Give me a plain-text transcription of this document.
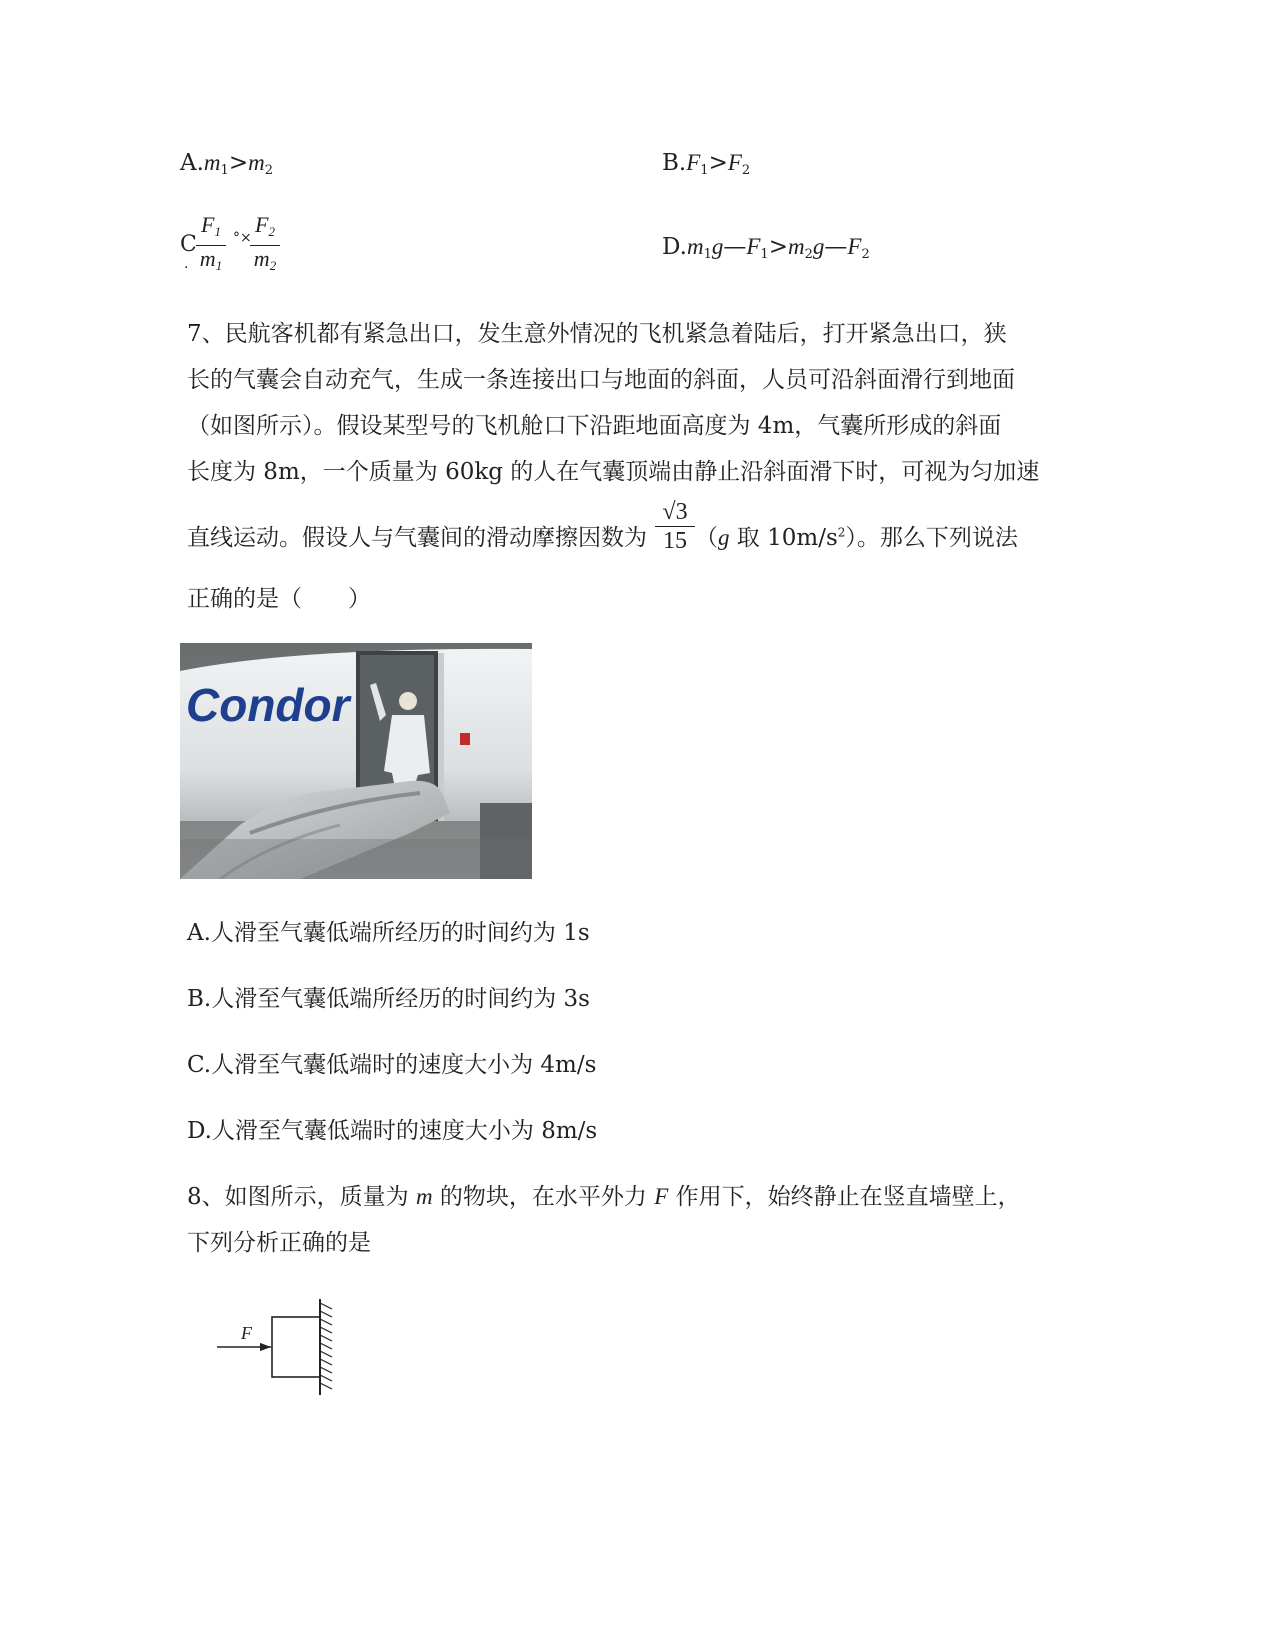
$A.m_1>m_2$	$B.F_1>F_2$
C
.
$F_1$
$m_1$
°×
$F_2$
$m_2$
$D.m_1g—F_1>m_2g—F_2$
7、民航客机都有紧急出口，发生意外情况的飞机紧急着陆后，打开紧急出口，狭
长的气囊会自动充气，生成一条连接出口与地面的斜面，人员可沿斜面滑行到地面
（如图所示）。假设某型号的飞机舱口下沿距地面高度为 4m，气囊所形成的斜面
长度为 8m，一个质量为 60kg 的人在气囊顶端由静止沿斜面滑下时，可视为匀加速
直线运动。假设人与气囊间的滑动摩擦因数为 （g 取 $10m/s^2$）。那么下列说法
√3
15
正确的是（　　）
Condor
A.人滑至气囊低端所经历的时间约为 1s
B.人滑至气囊低端所经历的时间约为 3s
C.人滑至气囊低端时的速度大小为 4m/s
D.人滑至气囊低端时的速度大小为 8m/s
8、如图所示，质量为 m 的物块，在水平外力 F 作用下，始终静止在竖直墙壁上，
下列分析正确的是
F
